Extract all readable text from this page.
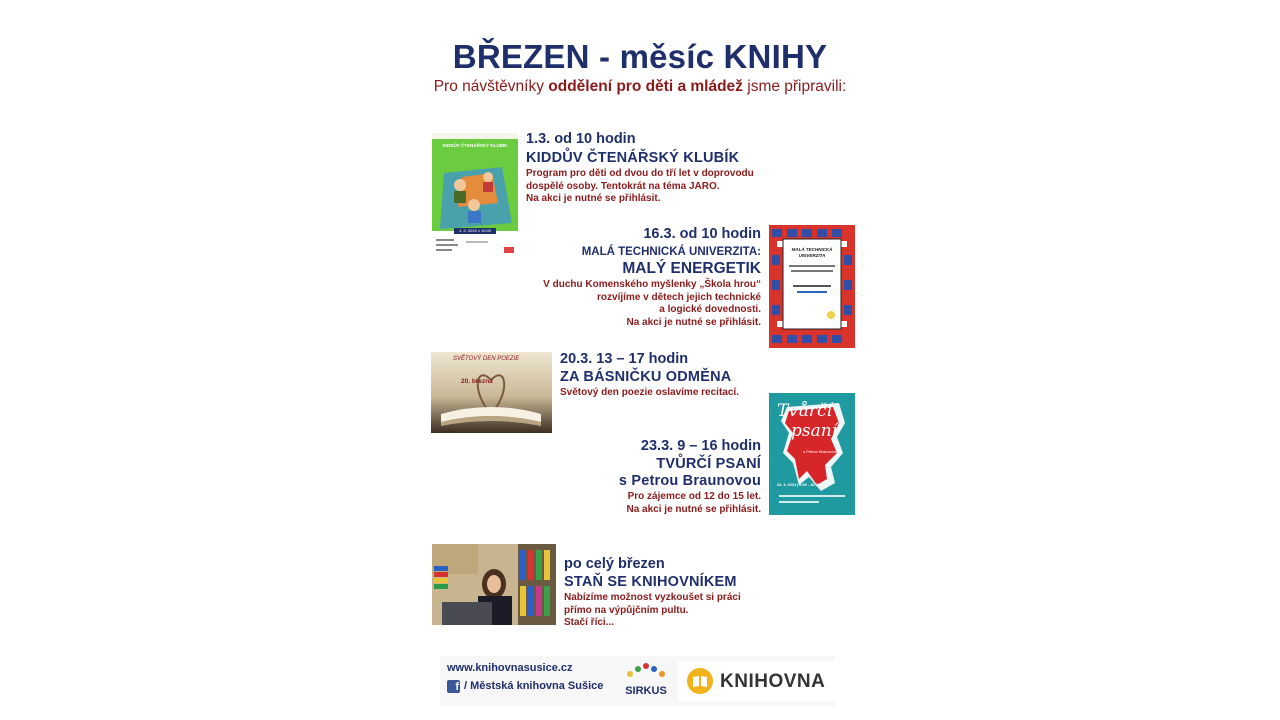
BŘEZEN - měsíc KNIHY
Pro návštěvníky oddělení pro děti a mládež jsme připravili:
KIDDŮV ČTENÁŘSKÝ KLUBÍK
1. 3. 2024 v 10:00
1.3. od 10 hodin
KIDDŮV ČTENÁŘSKÝ KLUBÍK
Program pro děti od dvou do tří let v doprovodu
dospělé osoby. Tentokrát na téma JARO.
Na akci je nutné se přihlásit.
16.3. od 10 hodin
MALÁ TECHNICKÁ UNIVERZITA:
MALÝ ENERGETIK
V duchu Komenského myšlenky „Škola hrou“
rozvíjíme v dětech jejich technické
a logické dovednosti.
Na akci je nutné se přihlásit.
MALÁ TECHNICKÁ UNIVERZITA
SVĚTOVÝ DEN POEZIE
20. března
20.3. 13 – 17 hodin
ZA BÁSNIČKU ODMĚNA
Světový den poezie oslavíme recitací.
23.3. 9 – 16 hodin
TVŮRČÍ PSANÍ
s Petrou Braunovou
Pro zájemce od 12 do 15 let.
Na akci je nutné se přihlásit.
Tvůrčí
psaní
s Petrou Braunovou
23. 3. 2024 | 9:00 - 16:00
po celý březen
STAŇ SE KNIHOVNÍKEM
Nabízíme možnost vyzkoušet si práci
přímo na výpůjčním pultu.
Stačí říci...
www.knihovnasusice.cz
f / Městská knihovna Sušice SIRKUS	KNIHOVNA
